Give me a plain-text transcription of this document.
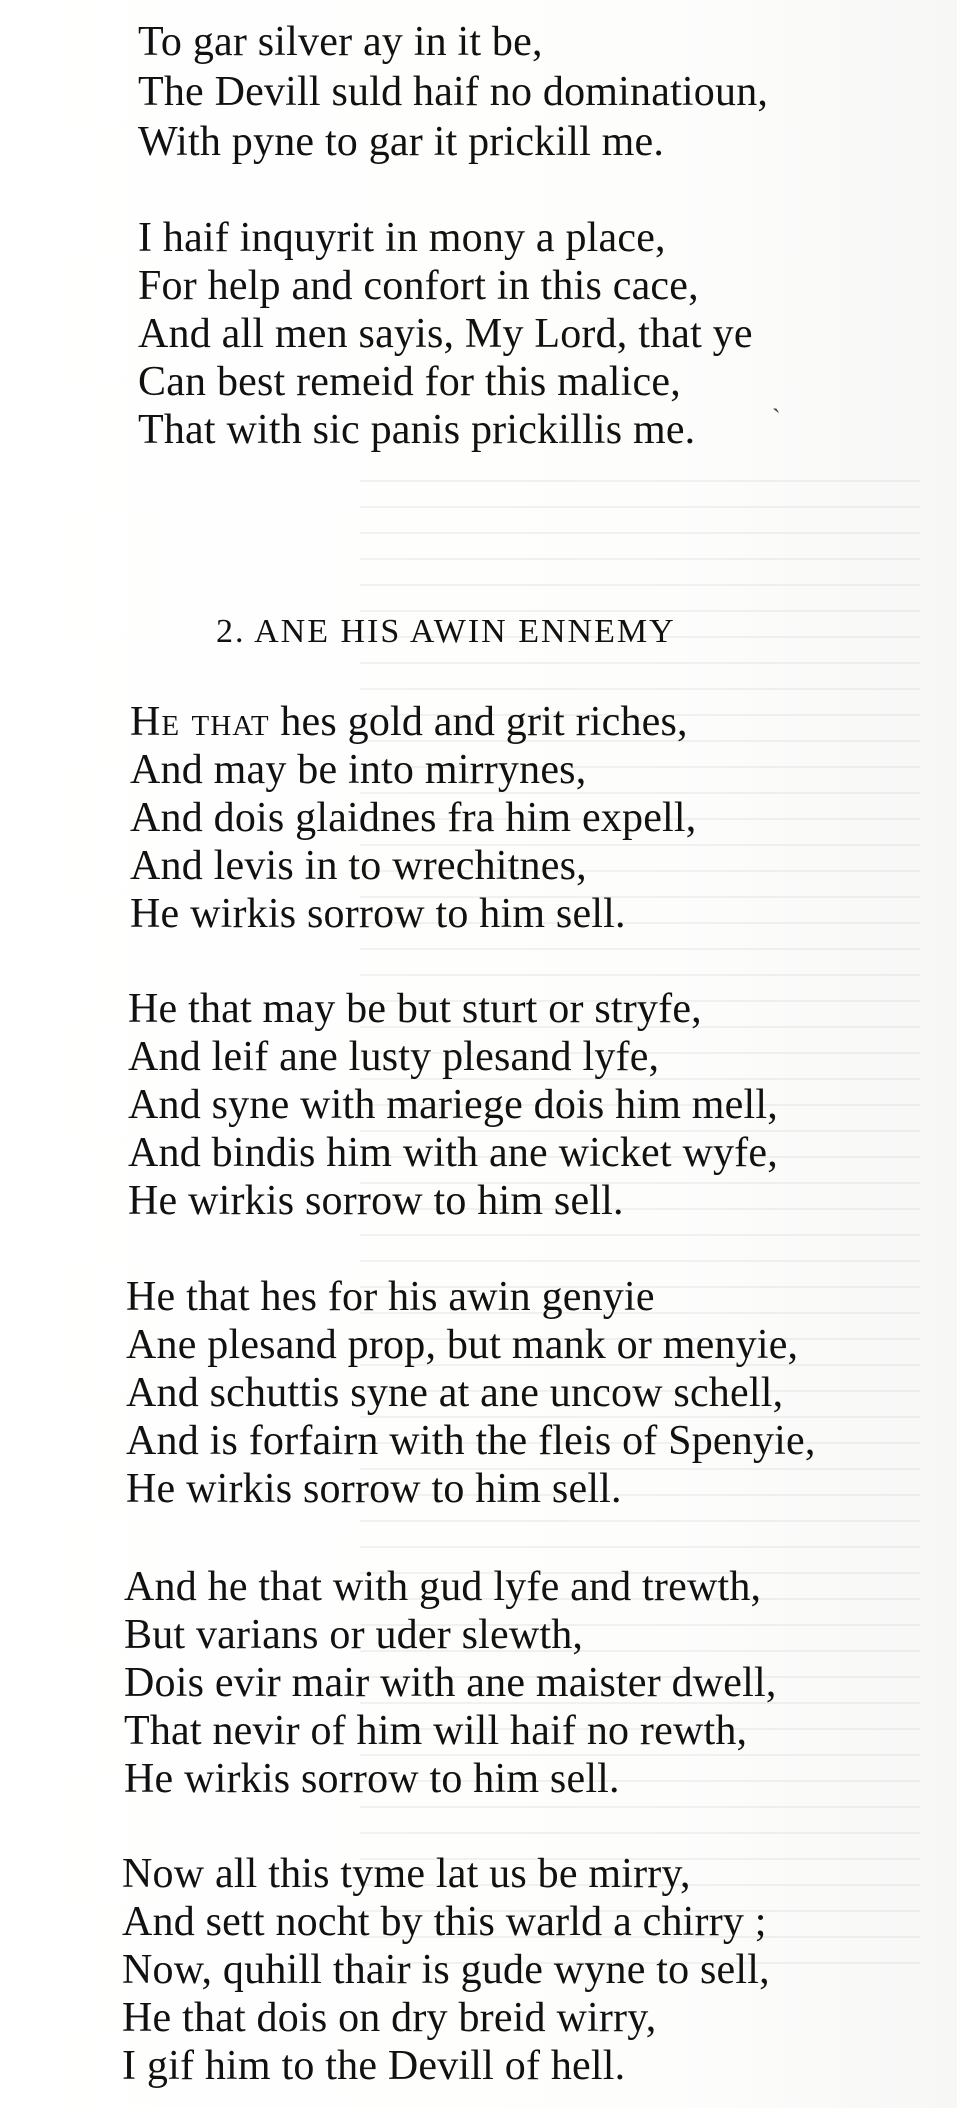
To gar silver ay in it be,
The Devill suld haif no dominatioun,
With pyne to gar it prickill me.
I haif inquyrit in mony a place,
For help and confort in this cace,
And all men sayis, My Lord, that ye
Can best remeid for this malice,
That with sic panis prickillis me.	`
2. ANE HIS AWIN ENNEMY
He that hes gold and grit riches,
And may be into mirrynes,
And dois glaidnes fra him expell,
And levis in to wrechitnes,
He wirkis sorrow to him sell.
He that may be but sturt or stryfe,
And leif ane lusty plesand lyfe,
And syne with mariege dois him mell,
And bindis him with ane wicket wyfe,
He wirkis sorrow to him sell.
He that hes for his awin genyie
Ane plesand prop, but mank or menyie,
And schuttis syne at ane uncow schell,
And is forfairn with the fleis of Spenyie,
He wirkis sorrow to him sell.
And he that with gud lyfe and trewth,
But varians or uder slewth,
Dois evir mair with ane maister dwell,
That nevir of him will haif no rewth,
He wirkis sorrow to him sell.
Now all this tyme lat us be mirry,
And sett nocht by this warld a chirry ;
Now, quhill thair is gude wyne to sell,
He that dois on dry breid wirry,
I gif him to the Devill of hell.
